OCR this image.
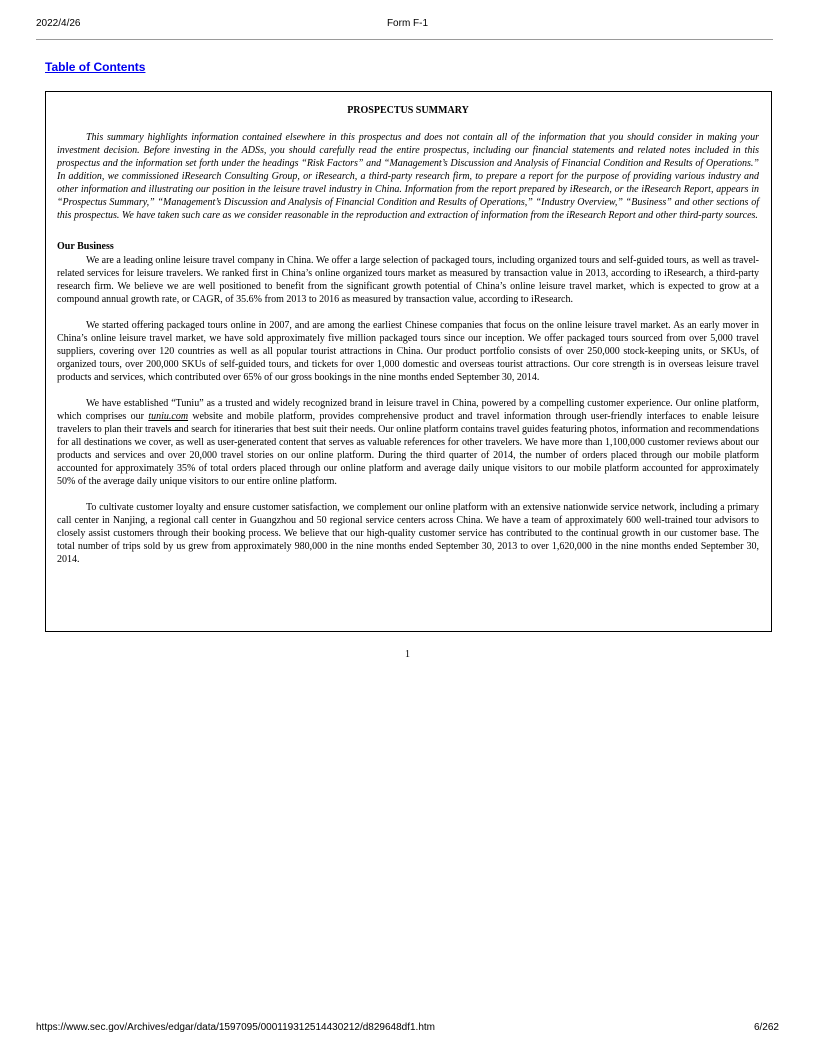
2022/4/26	Form F-1
Table of Contents

PROSPECTUS SUMMARY

This summary highlights information contained elsewhere in this prospectus and does not contain all of the information that you should consider in making your investment decision. Before investing in the ADSs, you should carefully read the entire prospectus, including our financial statements and related notes included in this prospectus and the information set forth under the headings “Risk Factors” and “Management’s Discussion and Analysis of Financial Condition and Results of Operations.” In addition, we commissioned iResearch Consulting Group, or iResearch, a third-party research firm, to prepare a report for the purpose of providing various industry and other information and illustrating our position in the leisure travel industry in China. Information from the report prepared by iResearch, or the iResearch Report, appears in “Prospectus Summary,” “Management’s Discussion and Analysis of Financial Condition and Results of Operations,” “Industry Overview,” “Business” and other sections of this prospectus. We have taken such care as we consider reasonable in the reproduction and extraction of information from the iResearch Report and other third-party sources.

Our Business

We are a leading online leisure travel company in China. We offer a large selection of packaged tours, including organized tours and self-guided tours, as well as travel-related services for leisure travelers. We ranked first in China’s online organized tours market as measured by transaction value in 2013, according to iResearch, a third-party research firm. We believe we are well positioned to benefit from the significant growth potential of China’s online leisure travel market, which is expected to grow at a compound annual growth rate, or CAGR, of 35.6% from 2013 to 2016 as measured by transaction value, according to iResearch.

We started offering packaged tours online in 2007, and are among the earliest Chinese companies that focus on the online leisure travel market. As an early mover in China’s online leisure travel market, we have sold approximately five million packaged tours since our inception. We offer packaged tours sourced from over 5,000 travel suppliers, covering over 120 countries as well as all popular tourist attractions in China. Our product portfolio consists of over 250,000 stock-keeping units, or SKUs, of organized tours, over 200,000 SKUs of self-guided tours, and tickets for over 1,000 domestic and overseas tourist attractions. Our core strength is in overseas leisure travel products and services, which contributed over 65% of our gross bookings in the nine months ended September 30, 2014.

We have established “Tuniu” as a trusted and widely recognized brand in leisure travel in China, powered by a compelling customer experience. Our online platform, which comprises our tuniu.com website and mobile platform, provides comprehensive product and travel information through user-friendly interfaces to enable leisure travelers to plan their travels and search for itineraries that best suit their needs. Our online platform contains travel guides featuring photos, information and recommendations for all destinations we cover, as well as user-generated content that serves as valuable references for other travelers. We have more than 1,100,000 customer reviews about our products and services and over 20,000 travel stories on our online platform. During the third quarter of 2014, the number of orders placed through our mobile platform accounted for approximately 35% of total orders placed through our online platform and average daily unique visitors to our mobile platform accounted for approximately 50% of the average daily unique visitors to our entire online platform.

To cultivate customer loyalty and ensure customer satisfaction, we complement our online platform with an extensive nationwide service network, including a primary call center in Nanjing, a regional call center in Guangzhou and 50 regional service centers across China. We have a team of approximately 600 well-trained tour advisors to closely assist customers through their booking process. We believe that our high-quality customer service has contributed to the continual growth in our customer base. The total number of trips sold by us grew from approximately 980,000 in the nine months ended September 30, 2013 to over 1,620,000 in the nine months ended September 30, 2014.

1
https://www.sec.gov/Archives/edgar/data/1597095/000119312514430212/d829648df1.htm	6/262
